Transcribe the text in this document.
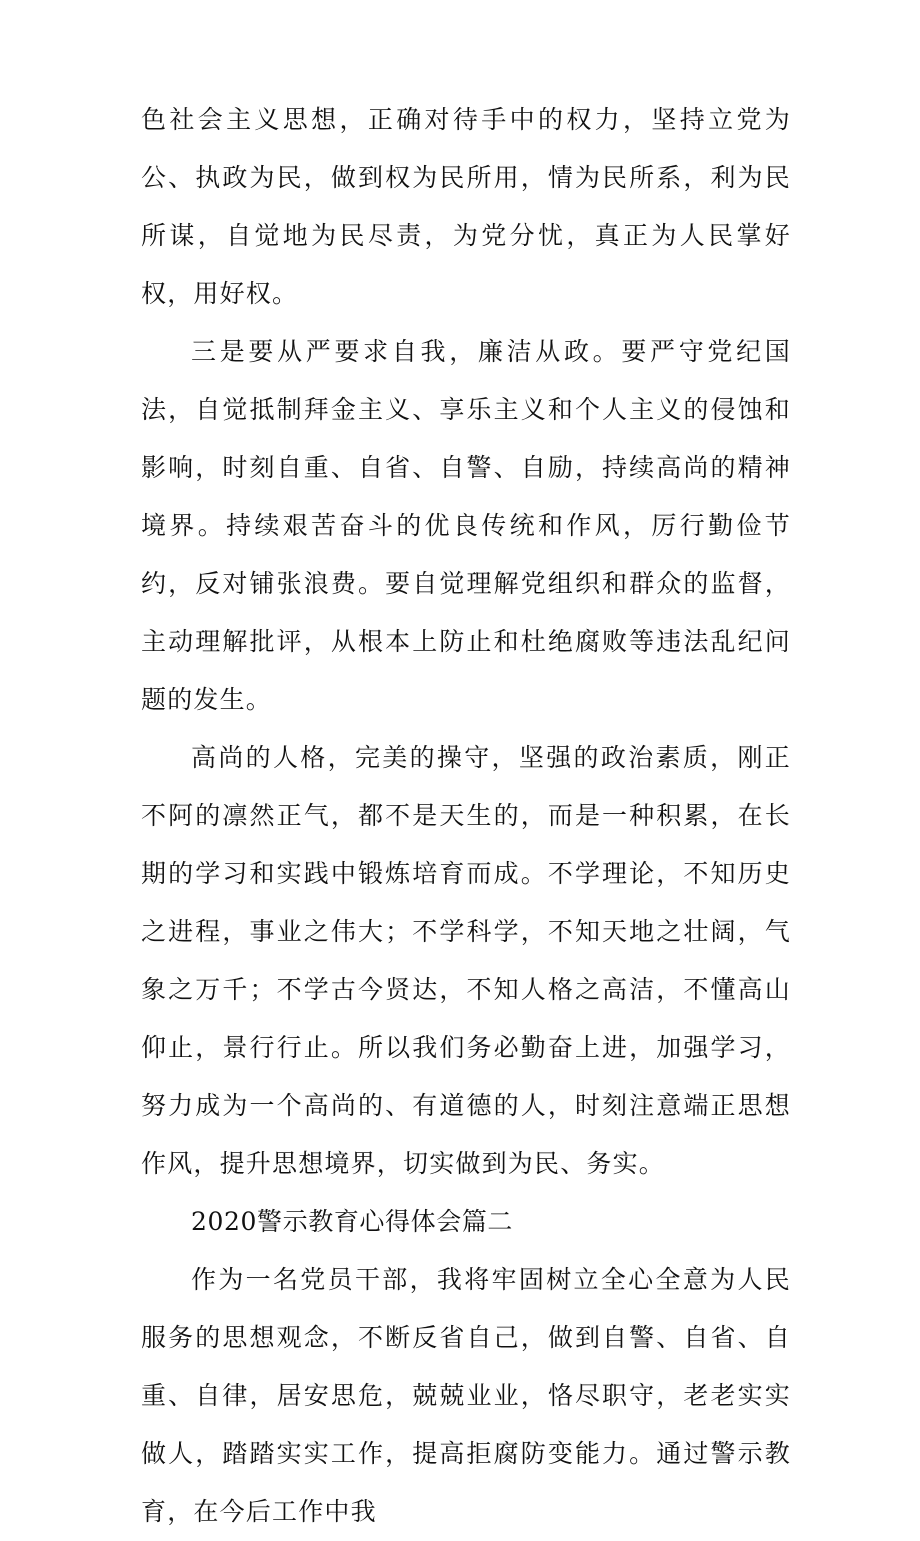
色社会主义思想，正确对待手中的权力，坚持立党为公、执政为民，做到权为民所用，情为民所系，利为民所谋，自觉地为民尽责，为党分忧，真正为人民掌好权，用好权。

三是要从严要求自我，廉洁从政。要严守党纪国法，自觉抵制拜金主义、享乐主义和个人主义的侵蚀和影响，时刻自重、自省、自警、自励，持续高尚的精神境界。持续艰苦奋斗的优良传统和作风，厉行勤俭节约，反对铺张浪费。要自觉理解党组织和群众的监督，主动理解批评，从根本上防止和杜绝腐败等违法乱纪问题的发生。

高尚的人格，完美的操守，坚强的政治素质，刚正不阿的凛然正气，都不是天生的，而是一种积累，在长期的学习和实践中锻炼培育而成。不学理论，不知历史之进程，事业之伟大；不学科学，不知天地之壮阔，气象之万千；不学古今贤达，不知人格之高洁，不懂高山仰止，景行行止。所以我们务必勤奋上进，加强学习，努力成为一个高尚的、有道德的人，时刻注意端正思想作风，提升思想境界，切实做到为民、务实。

2020警示教育心得体会篇二

作为一名党员干部，我将牢固树立全心全意为人民服务的思想观念，不断反省自己，做到自警、自省、自重、自律，居安思危，兢兢业业，恪尽职守，老老实实做人，踏踏实实工作，提高拒腐防变能力。通过警示教育，在今后工作中我
